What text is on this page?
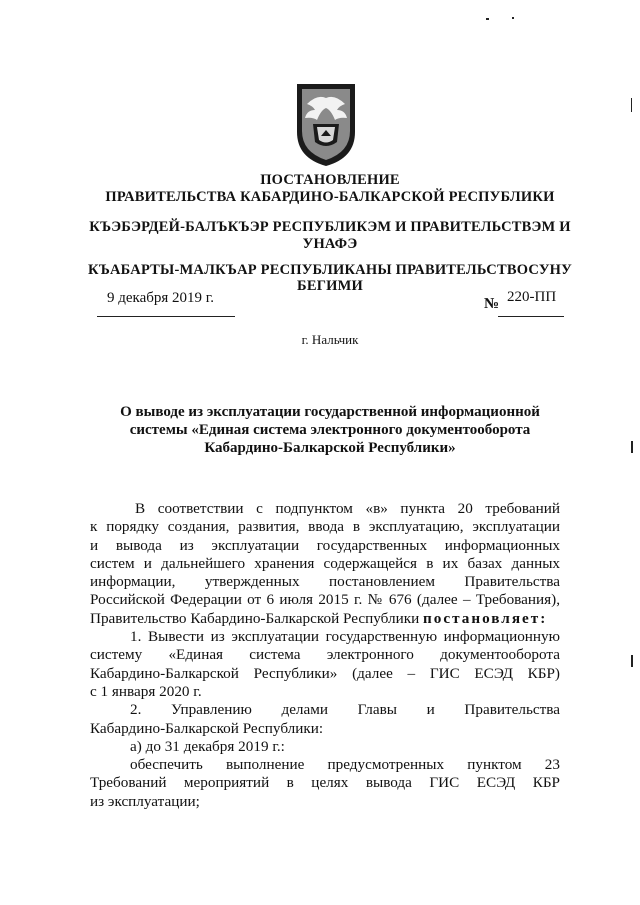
ПОСТАНОВЛЕНИЕ
ПРАВИТЕЛЬСТВА КАБАРДИНО-БАЛКАРСКОЙ РЕСПУБЛИКИ
КЪЭБЭРДЕЙ-БАЛЪКЪЭР РЕСПУБЛИКЭМ И ПРАВИТЕЛЬСТВЭМ И
УНАФЭ
КЪАБАРТЫ-МАЛКЪАР РЕСПУБЛИКАНЫ ПРАВИТЕЛЬСТВОСУНУ
БЕГИМИ
9 декабря 2019 г.	№ 220-ПП
г. Нальчик
О выводе из эксплуатации государственной информационной
системы «Единая система электронного документооборота
Кабардино-Балкарской Республики»
В соответствии с подпунктом «в» пункта 20 требований
к порядку создания, развития, ввода в эксплуатацию, эксплуатации
и вывода из эксплуатации государственных информационных
систем и дальнейшего хранения содержащейся в их базах данных
информации, утвержденных постановлением Правительства
Российской Федерации от 6 июля 2015 г. № 676 (далее – Требования),
Правительство Кабардино-Балкарской Республики постановляет:
1. Вывести из эксплуатации государственную информационную
систему «Единая система электронного документооборота
Кабардино-Балкарской Республики» (далее – ГИС ЕСЭД КБР)
с 1 января 2020 г.
2. Управлению делами Главы и Правительства
Кабардино-Балкарской Республики:
а) до 31 декабря 2019 г.:
обеспечить выполнение предусмотренных пунктом 23
Требований мероприятий в целях вывода ГИС ЕСЭД КБР
из эксплуатации;
